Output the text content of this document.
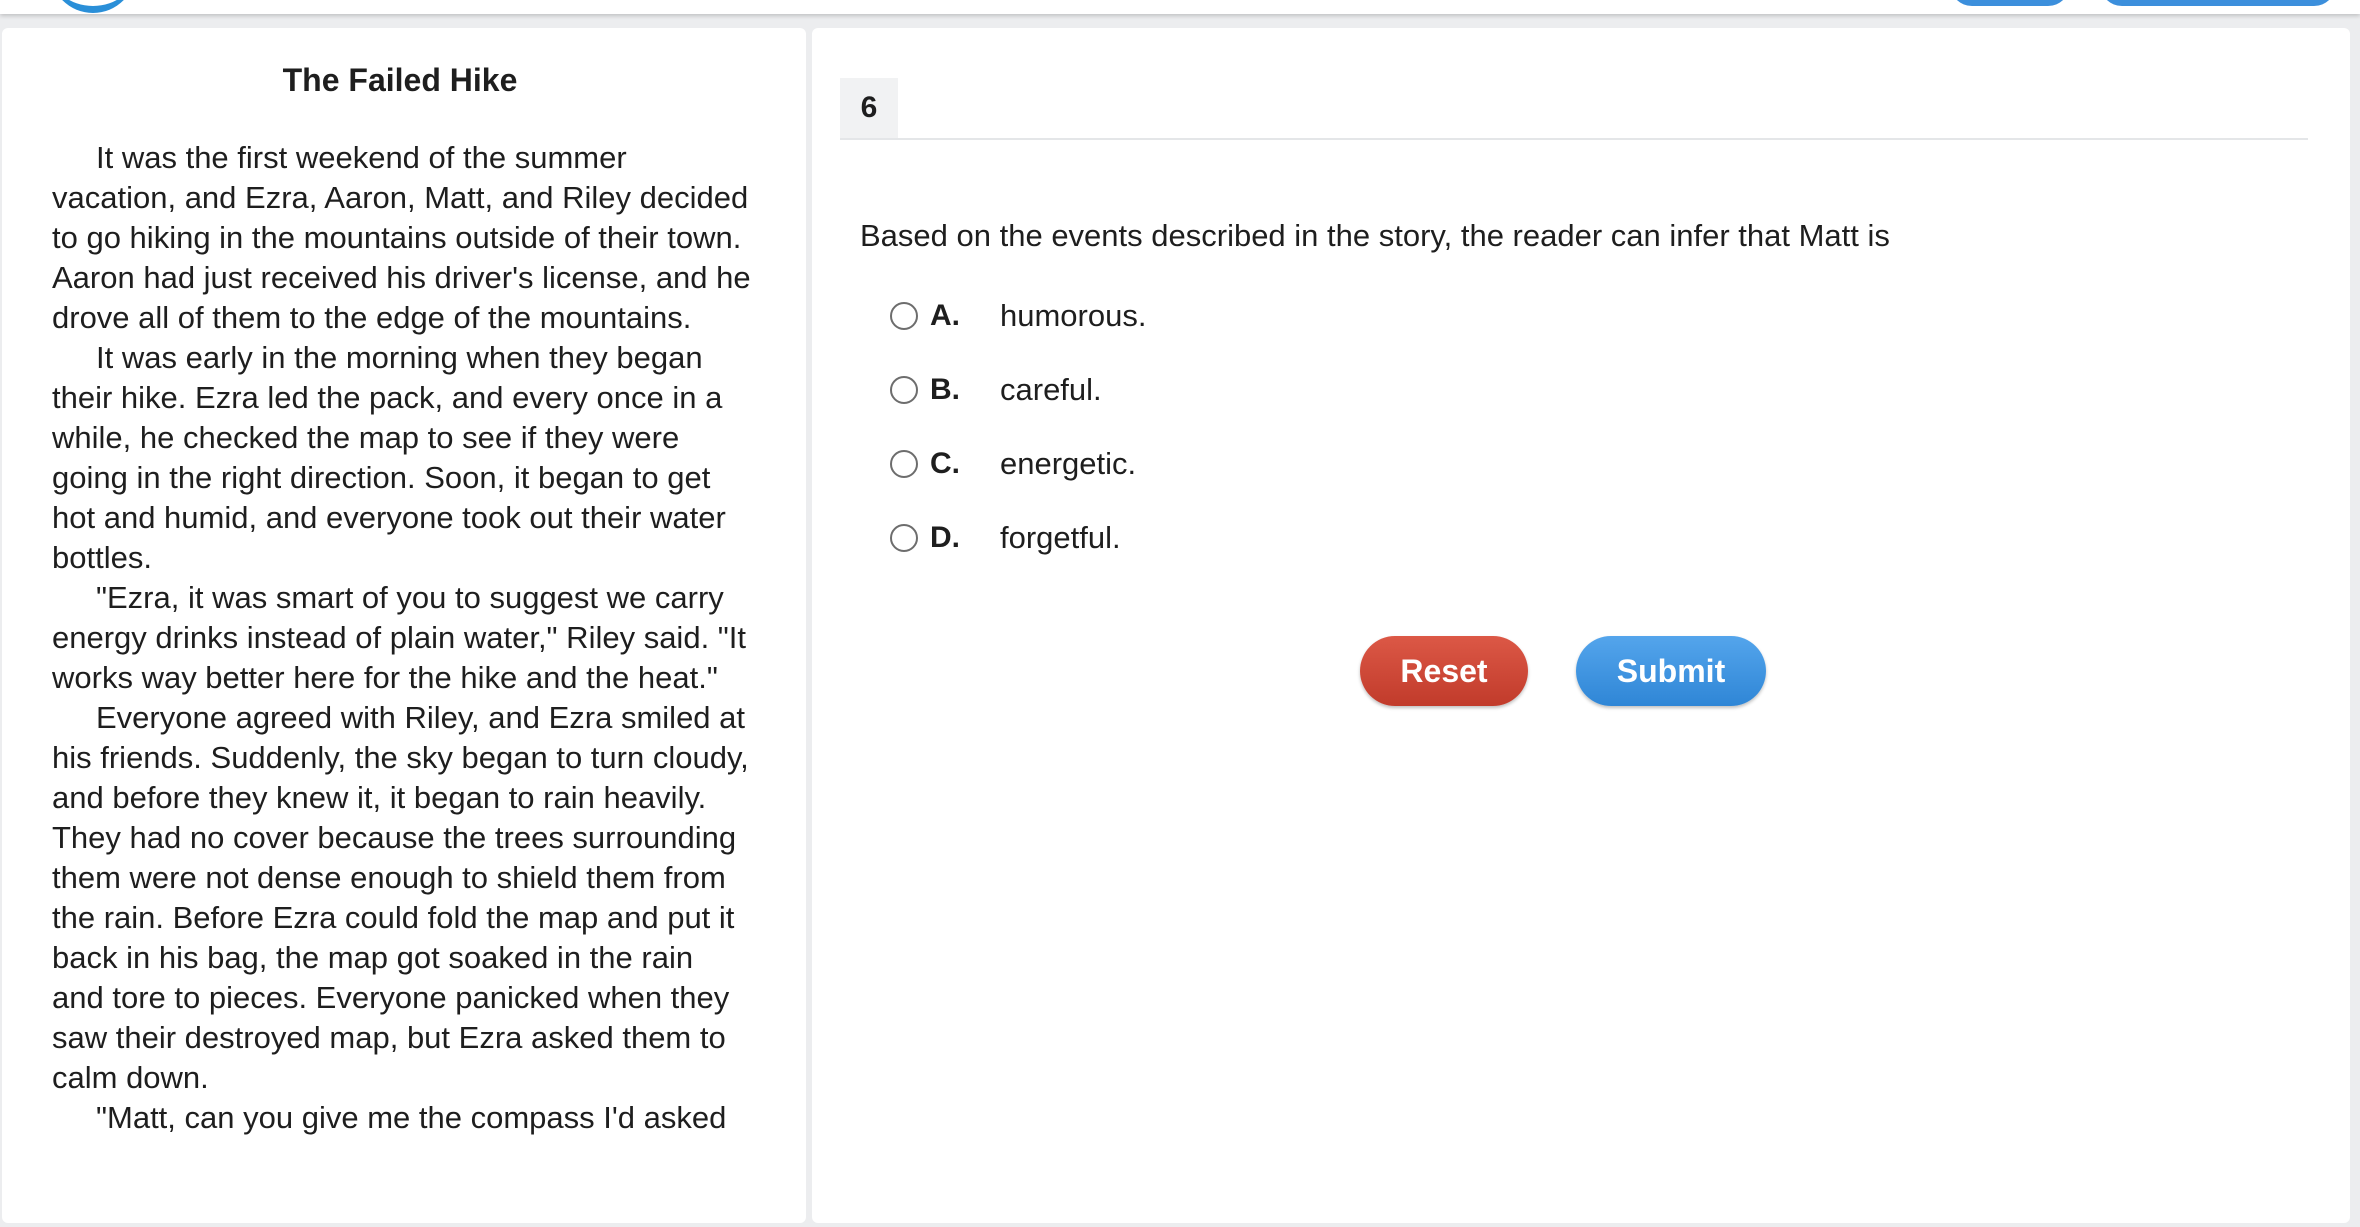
The Failed Hike

It was the first weekend of the summer vacation, and Ezra, Aaron, Matt, and Riley decided to go hiking in the mountains outside of their town. Aaron had just received his driver's license, and he drove all of them to the edge of the mountains.

It was early in the morning when they began their hike. Ezra led the pack, and every once in a while, he checked the map to see if they were going in the right direction. Soon, it began to get hot and humid, and everyone took out their water bottles.

"Ezra, it was smart of you to suggest we carry energy drinks instead of plain water," Riley said. "It works way better here for the hike and the heat."

Everyone agreed with Riley, and Ezra smiled at his friends. Suddenly, the sky began to turn cloudy, and before they knew it, it began to rain heavily. They had no cover because the trees surrounding them were not dense enough to shield them from the rain. Before Ezra could fold the map and put it back in his bag, the map got soaked in the rain and tore to pieces. Everyone panicked when they saw their destroyed map, but Ezra asked them to calm down.

"Matt, can you give me the compass I'd asked

6
Based on the events described in the story, the reader can infer that Matt is
A.	humorous.
B.	careful.
C.	energetic.
D.	forgetful.
Reset	Submit
